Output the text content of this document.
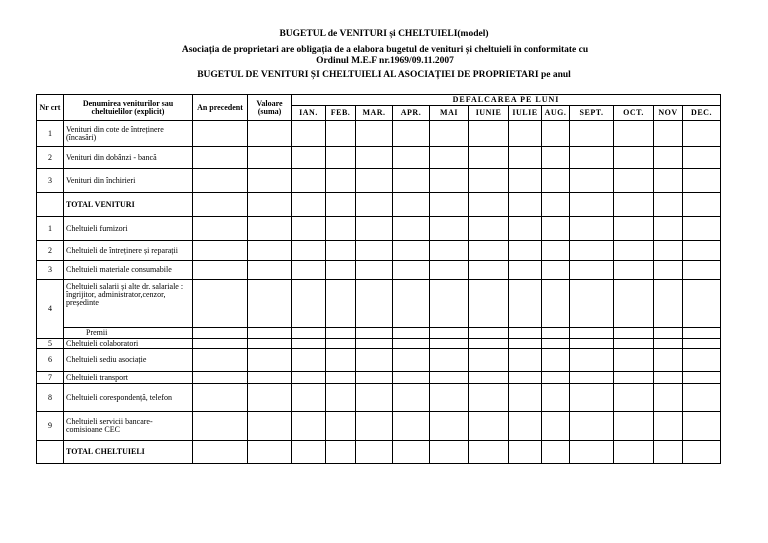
BUGETUL de VENITURI și CHELTUIELI(model)
Asociația de proprietari are obligația de a elabora bugetul de venituri și cheltuieli în conformitate cu
Ordinul M.E.F nr.1969/09.11.2007
BUGETUL DE VENITURI ȘI CHELTUIELI AL ASOCIAȚIEI DE PROPRIETARI pe anul
Nr crt	Denumirea veniturilor sau cheltuielilor (explicit)	An precedent	Valoare (suma)	DEFALCAREA PE LUNI											
				IAN.	FEB.	MAR.	APR.	MAI	IUNIE	IULIE	AUG.	SEPT.	OCT.	NOV	DEC.
1	Venituri din cote de întreținere (încasări)														
2	Venituri din dobânzi - bancă														
3	Venituri din închirieri														
	TOTAL VENITURI														
1	Cheltuieli furnizori														
2	Cheltuieli de întreținere și reparații														
3	Cheltuieli materiale consumabile														
4	Cheltuieli salarii și alte dr. salariale : îngrijitor, administrator,cenzor, președinte														
	Premii														
5	Cheltuieli colaboratori														
6	Cheltuieli sediu asociație														
7	Cheltuieli transport														
8	Cheltuieli corespondență, telefon														
9	Cheltuieli servicii bancare- comisioane CEC														
	TOTAL CHELTUIELI														
